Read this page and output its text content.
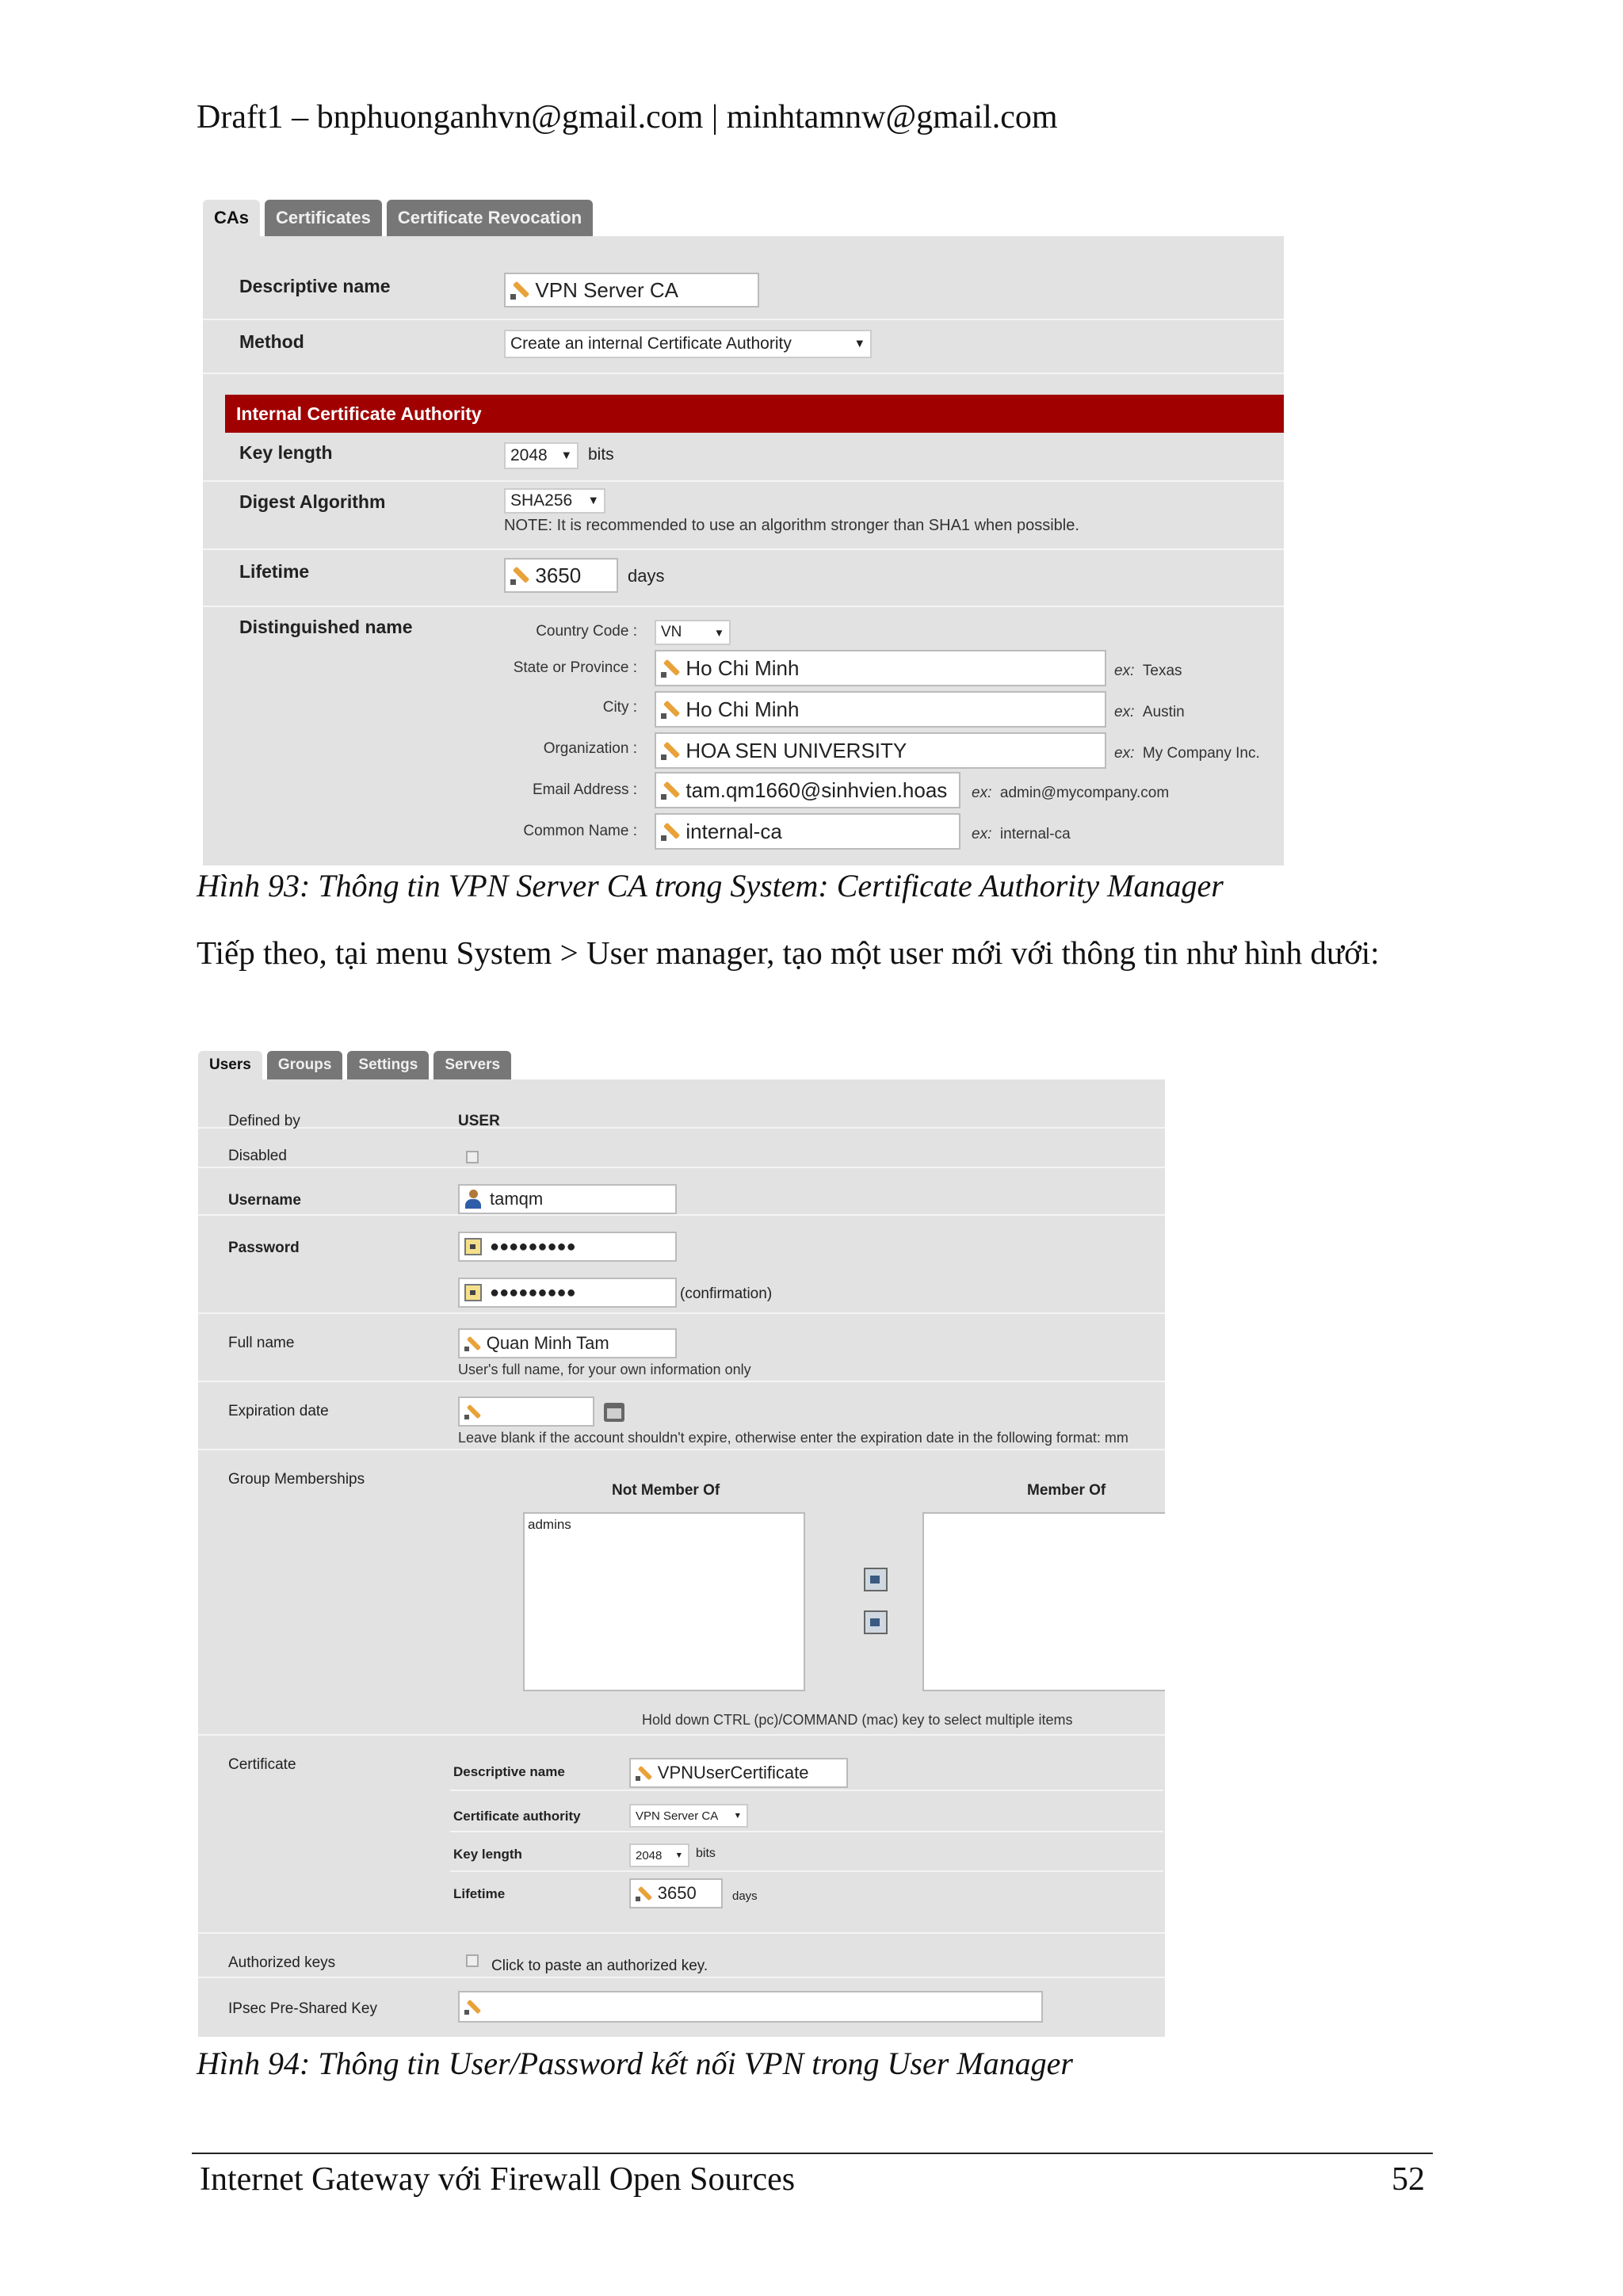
Draft1 – bnphuonganhvn@gmail.com | minhtamnw@gmail.com
CAs	Certificates	Certificate Revocation
Descriptive name	VPN Server CA
Method	Create an internal Certificate Authority	▼
Internal Certificate Authority
Key length	2048 ▼ bits
Digest Algorithm	SHA256 ▼
NOTE: It is recommended to use an algorithm stronger than SHA1 when possible.
Lifetime	3650	days
Distinguished name	Country Code : VN	▼
State or Province : Ho Chi Minh	ex: Texas
City : Ho Chi Minh	ex: Austin
Organization : HOA SEN UNIVERSITY	ex: My Company Inc.
Email Address : tam.qm1660@sinhvien.hoas ex: admin@mycompany.com
Common Name : internal-ca	ex: internal-ca
Hình 93: Thông tin VPN Server CA trong System: Certificate Authority Manager
Tiếp theo, tại menu System > User manager, tạo một user mới với thông tin như hình dưới:
Users	Groups	Settings	Servers
Defined by	USER
Disabled
Username	tamqm
Password	●●●●●●●●●
●●●●●●●●●	(confirmation)
Full name	Quan Minh Tam
User's full name, for your own information only
Expiration date
Leave blank if the account shouldn't expire, otherwise enter the expiration date in the following format: mm
Group Memberships
Not Member Of	Member Of
admins
Hold down CTRL (pc)/COMMAND (mac) key to select multiple items
Certificate	Descriptive name	VPNUserCertificate
Certificate authority	VPN Server CA ▼
Key length	2048 ▼ bits
Lifetime	3650	days
Authorized keys	Click to paste an authorized key.
IPsec Pre-Shared Key
Hình 94: Thông tin User/Password kết nối VPN trong User Manager
Internet Gateway với Firewall Open Sources	52
